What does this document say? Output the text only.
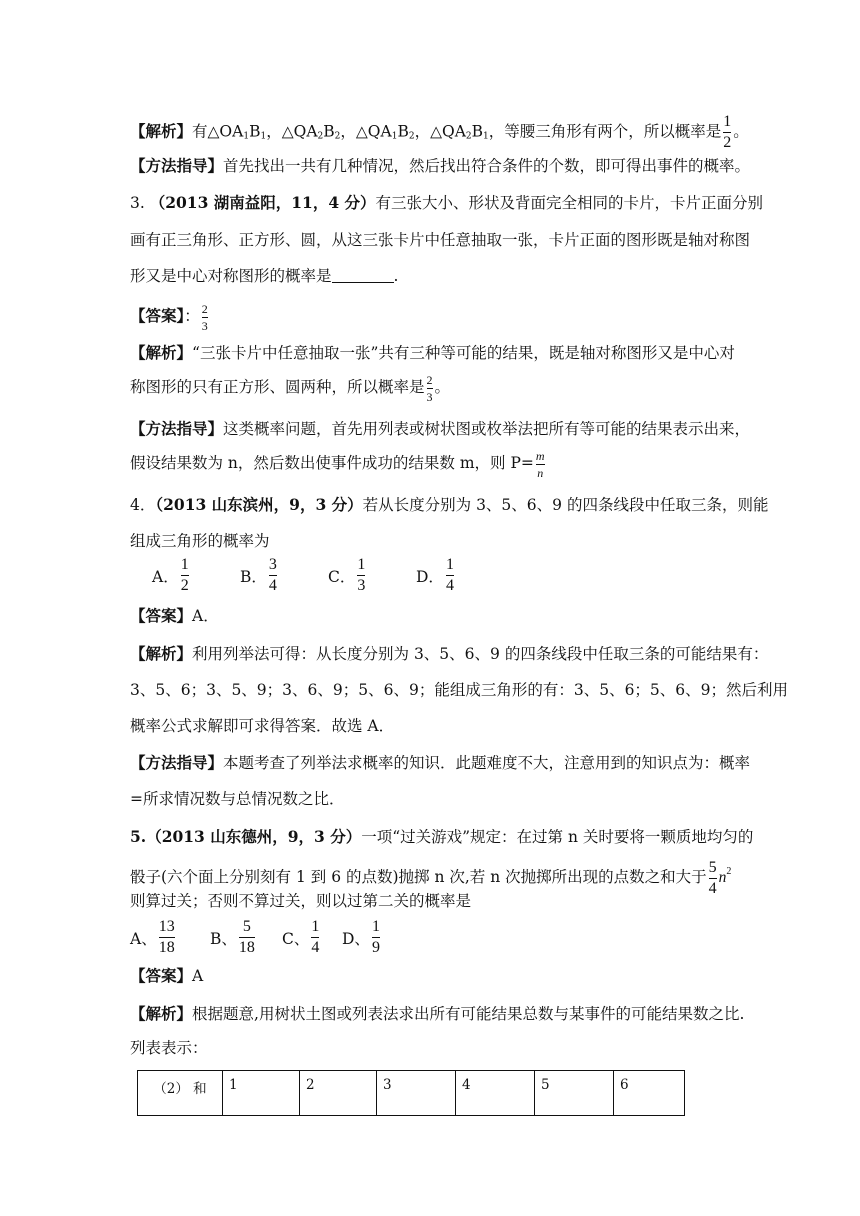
【解析】有$\triangle OA_1B_1$，$\triangle QA_2B_2$，$\triangle QA_1B_2$，$\triangle QA_2B_1$，等腰三角形有两个，所以概率是 $\frac{1}{2}$ 。
【方法指导】首先找出一共有几种情况，然后找出符合条件的个数，即可得出事件的概率。
3. （2013 湖南益阳，11，4 分）有三张大小、形状及背面完全相同的卡片，卡片正面分别
画有正三角形、正方形、圆，从这三张卡片中任意抽取一张，卡片正面的图形既是轴对称图
形又是中心对称图形的概率是	.
【答案】： $\frac{2}{3}$
【解析】“三张卡片中任意抽取一张”共有三种等可能的结果，既是轴对称图形又是中心对
称图形的只有正方形、圆两种，所以概率是 $\frac{2}{3}$ 。
【方法指导】这类概率问题，首先用列表或树状图或枚举法把所有等可能的结果表示出来，
假设结果数为 n，然后数出使事件成功的结果数 m，则 $P= \frac{m}{n}$
4．（2013 山东滨州，9，3 分）若从长度分别为 3、5、6、9 的四条线段中任取三条，则能
组成三角形的概率为
A． $\frac{1}{2}$	B． $\frac{3}{4}$	C． $\frac{1}{3}$	D． $\frac{1}{4}$
【答案】A．
【解析】利用列举法可得：从长度分别为 3、5、6、9 的四条线段中任取三条的可能结果有：
3、5、6；3、5、9；3、6、9；5、6、9；能组成三角形的有：3、5、6；5、6、9；然后利用
概率公式求解即可求得答案．故选 A．
【方法指导】本题考查了列举法求概率的知识．此题难度不大，注意用到的知识点为：概率
=所求情况数与总情况数之比．
5.（2013 山东德州，9，3 分）一项“过关游戏”规定：在过第 n 关时要将一颗质地均匀的
骰子(六个面上分别刻有 1 到 6 的点数)抛掷 n 次,若 n 次抛掷所出现的点数之和大于 $\frac{5}{4} n^2$
则算过关；否则不算过关，则以过第二关的概率是
A、 $\frac{13}{18}$ B、 $\frac{5}{18}$ C、 $\frac{1}{4}$ D、 $\frac{1}{9}$
【答案】A
【解析】根据题意,用树状土图或列表法求出所有可能结果总数与某事件的可能结果数之比.
列表表示：
（2） 和	1	2	3	4	5	6
